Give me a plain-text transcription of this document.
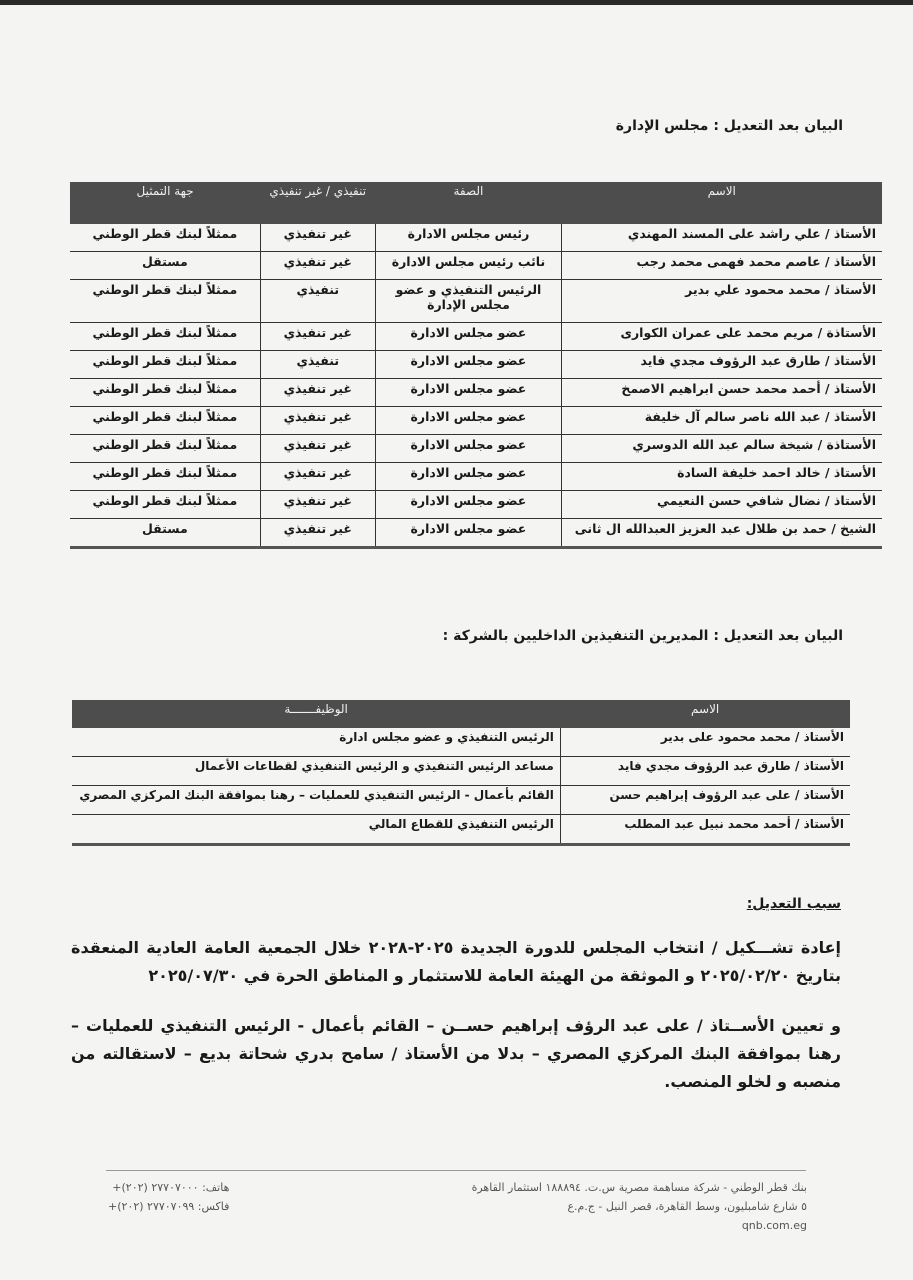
البيان بعد التعديل : مجلس الإدارة
الاسم	الصفة	تنفيذي / غير تنفيذي	جهة التمثيل
الأستاذ / علي راشد على المسند المهندي	رئيس مجلس الادارة	غير تنفيذي	ممثلاً لبنك قطر الوطني
الأستاذ / عاصم محمد فهمى محمد رجب	نائب رئيس مجلس الادارة	غير تنفيذي	مستقل
الأستاذ / محمد محمود علي بدير	الرئيس التنفيذي و عضو مجلس الإدارة	تنفيذي	ممثلاً لبنك قطر الوطني
الأستاذة / مريم محمد على عمران الكوارى	عضو مجلس الادارة	غير تنفيذي	ممثلاً لبنك قطر الوطني
الأستاذ / طارق عبد الرؤوف مجدي فايد	عضو مجلس الادارة	تنفيذي	ممثلاً لبنك قطر الوطني
الأستاذ / أحمد محمد حسن ابراهيم الاصمخ	عضو مجلس الادارة	غير تنفيذي	ممثلاً لبنك قطر الوطني
الأستاذ / عبد الله ناصر سالم آل خليفة	عضو مجلس الادارة	غير تنفيذي	ممثلاً لبنك قطر الوطني
الأستاذة / شيخة سالم عبد الله الدوسري	عضو مجلس الادارة	غير تنفيذي	ممثلاً لبنك قطر الوطني
الأستاذ / خالد احمد خليفة السادة	عضو مجلس الادارة	غير تنفيذي	ممثلاً لبنك قطر الوطني
الأستاذ / نضال شافي حسن النعيمي	عضو مجلس الادارة	غير تنفيذي	ممثلاً لبنك قطر الوطني
الشيخ / حمد بن طلال عبد العزيز العبدالله ال ثانى	عضو مجلس الادارة	غير تنفيذي	مستقل
البيان بعد التعديل : المديرين التنفيذين الداخليين بالشركة :
الاسم	الوظيفـــــــة
الأستاذ / محمد محمود على بدير	الرئيس التنفيذي و عضو مجلس ادارة
الأستاذ / طارق عبد الرؤوف مجدي فايد	مساعد الرئيس التنفيذي و الرئيس التنفيذي لقطاعات الأعمال
الأستاذ / على عبد الرؤوف إبراهيم حسن	القائم بأعمال - الرئيس التنفيذي للعمليات – رهنا بموافقة البنك المركزي المصري
الأستاذ / أحمد محمد نبيل عبد المطلب	الرئيس التنفيذي للقطاع المالي
سبب التعديل:
إعادة تشـــكيل / انتخاب المجلس للدورة الجديدة ٢٠٢٥-٢٠٢٨ خلال الجمعية العامة العادية المنعقدة بتاريخ ٢٠٢٥/٠٢/٢٠ و الموثقة من الهيئة العامة للاستثمار و المناطق الحرة في ٢٠٢٥/٠٧/٣٠
و تعيين الأســتاذ / على عبد الرؤف إبراهيم حســن – القائم بأعمال - الرئيس التنفيذي للعمليات – رهنا بموافقة البنك المركزي المصري – بدلا من الأستاذ / سامح بدري شحاتة بديع – لاستقالته من منصبه و لخلو المنصب.
بنك قطر الوطني - شركة مساهمة مصرية س.ت. ١٨٨٨٩٤ استثمار القاهرة
٥ شارع شامبليون، وسط القاهرة، قصر النيل - ج.م.ع
qnb.com.eg
هاتف: ٢٧٧٠٧٠٠٠ (٢٠٢)+
فاكس: ٢٧٧٠٧٠٩٩ (٢٠٢)+
